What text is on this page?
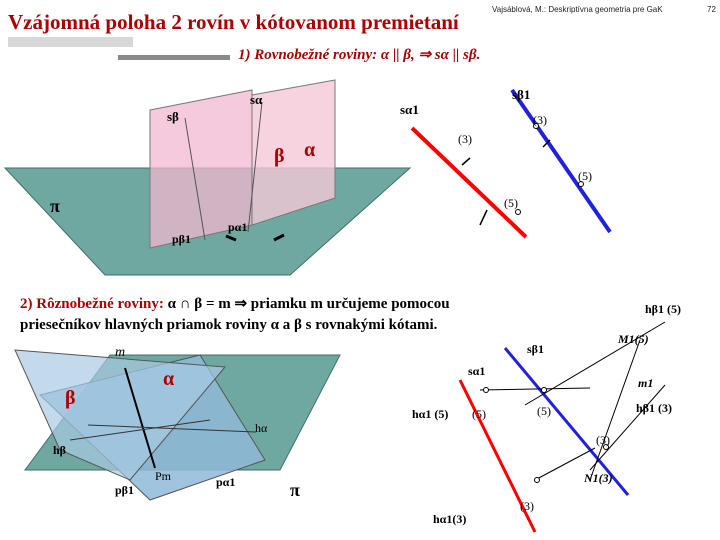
Vzájomná poloha 2 rovín v kótovanom premietaní
Vajsáblová, M.: Deskriptívna geometria pre GaK	72
sα
sβ
β α
π
pβ1
pα1
sα1
sβ1
(3)
(3)
(5)
(5)
m
α
β
hα
hβ
Pm
pβ1
pα1	π
sα1
sβ1
hβ1 (5)
M1(5)
m1
hα1 (5) (5)	(5)	hβ1 (3)
(3)
N1(3)
hα1(3)
(3)
1) Rovnobežné roviny: α || β, ⇒ sα || sβ.
2) Rôznobežné roviny: α ∩ β = m ⇒ priamku m určujeme pomocou
priesečníkov hlavných priamok roviny α a β s rovnakými kótami.
